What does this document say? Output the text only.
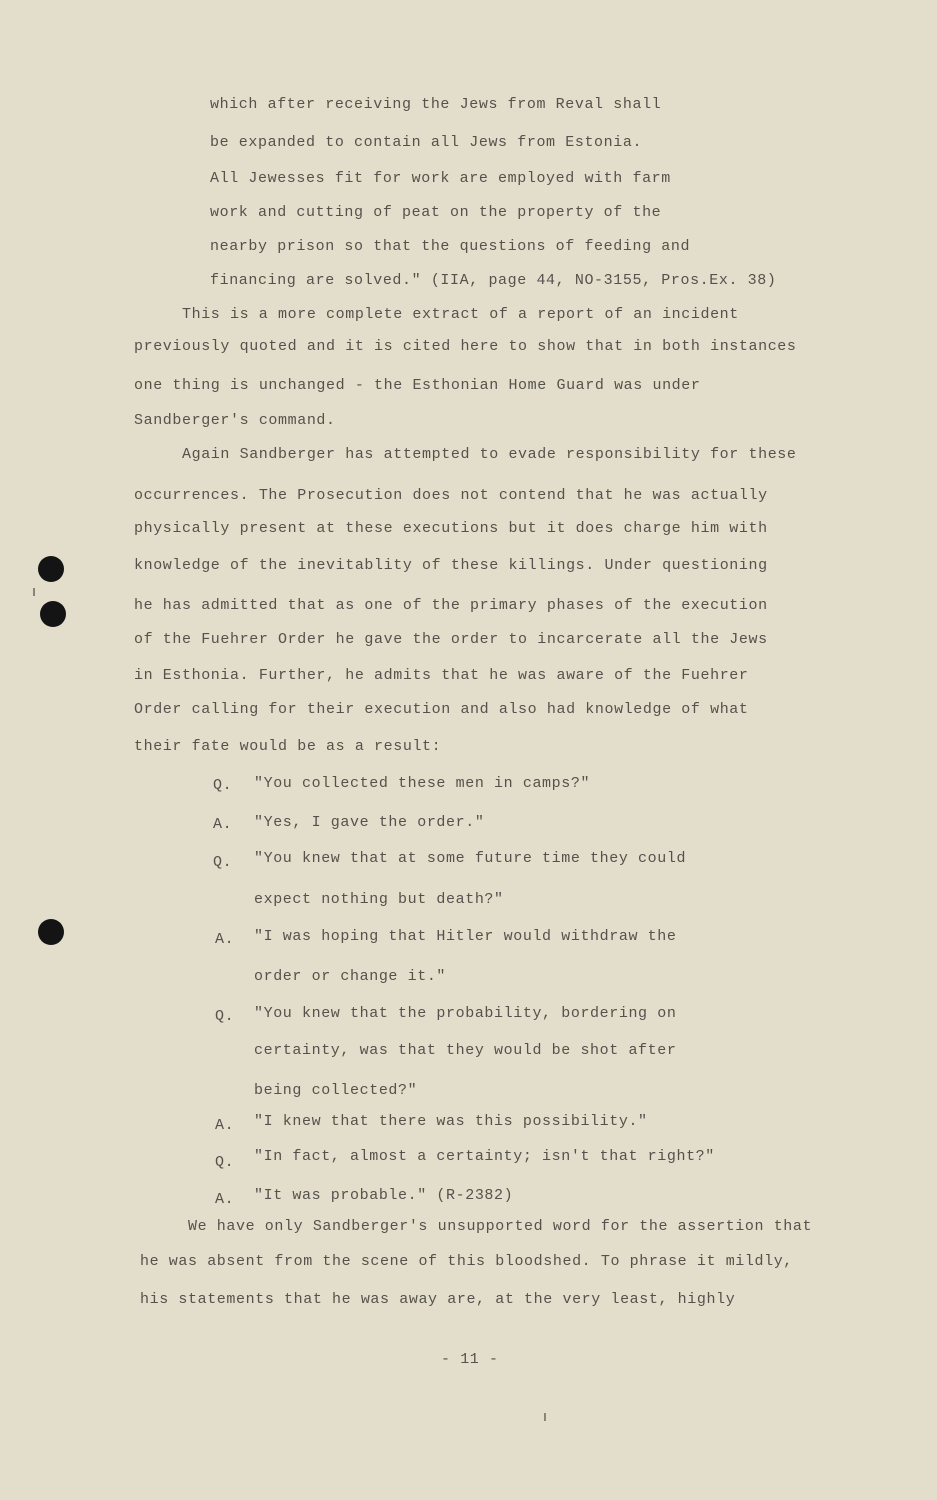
which after receiving the Jews from Reval shall
be expanded to contain all Jews from Estonia.
All Jewesses fit for work are employed with farm
work and cutting of peat on the property of the
nearby prison so that the questions of feeding and
financing are solved." (IIA, page 44, NO-3155, Pros.Ex. 38)
This is a more complete extract of a report of an incident
previously quoted and it is cited here to show that in both instances
one thing is unchanged - the Esthonian Home Guard was under
Sandberger's command.
Again Sandberger has attempted to evade responsibility for these
occurrences. The Prosecution does not contend that he was actually
physically present at these executions but it does charge him with
knowledge of the inevitablity of these killings. Under questioning
he has admitted that as one of the primary phases of the execution
of the Fuehrer Order he gave the order to incarcerate all the Jews
in Esthonia. Further, he admits that he was aware of the Fuehrer
Order calling for their execution and also had knowledge of what
their fate would be as a result:
Q. "You collected these men in camps?"
A. "Yes, I gave the order."
Q. "You knew that at some future time they could
expect nothing but death?"
A. "I was hoping that Hitler would withdraw the
order or change it."
Q. "You knew that the probability, bordering on
certainty, was that they would be shot after
being collected?"
A. "I knew that there was this possibility."
Q. "In fact, almost a certainty; isn't that right?"
A. "It was probable." (R-2382)
We have only Sandberger's unsupported word for the assertion that
he was absent from the scene of this bloodshed. To phrase it mildly,
his statements that he was away are, at the very least, highly
- 11 -
